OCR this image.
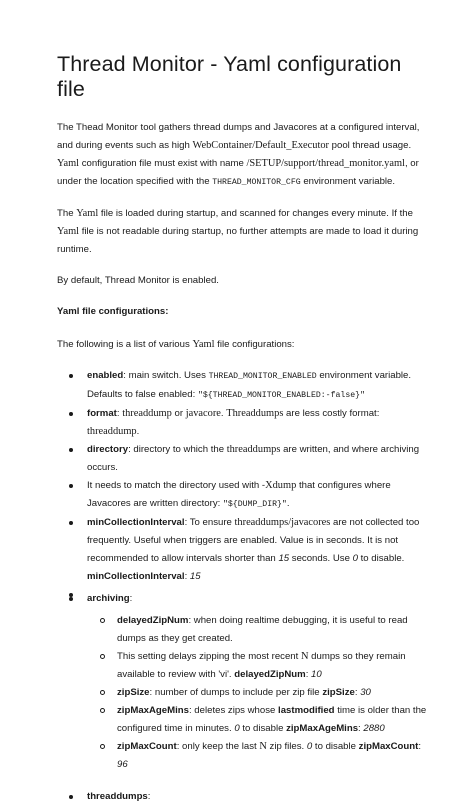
Thread Monitor - Yaml configuration file

The Thead Monitor tool gathers thread dumps and Javacores at a configured interval, and during events such as high WebContainer/Default_Executor pool thread usage. Yaml configuration file must exist with name /SETUP/support/thread_monitor.yaml, or under the location specified with the THREAD_MONITOR_CFG environment variable.

The Yaml file is loaded during startup, and scanned for changes every minute. If the Yaml file is not readable during startup, no further attempts are made to load it during runtime.

By default, Thread Monitor is enabled.

Yaml file configurations:

The following is a list of various Yaml file configurations:

enabled: main switch. Uses THREAD_MONITOR_ENABLED environment variable. Defaults to false enabled: "${THREAD_MONITOR_ENABLED:-false}"
format: threaddump or javacore. Threaddumps are less costly format: threaddump.
directory: directory to which the threaddumps are written, and where archiving occurs.
It needs to match the directory used with -Xdump that configures where Javacores are written directory: "${DUMP_DIR}".
minCollectionInterval: To ensure threaddumps/javacores are not collected too frequently. Useful when triggers are enabled. Value is in seconds. It is not recommended to allow intervals shorter than 15 seconds. Use 0 to disable. minCollectionInterval: 15
archiving:
delayedZipNum: when doing realtime debugging, it is useful to read dumps as they get created.
This setting delays zipping the most recent N dumps so they remain available to review with 'vi'. delayedZipNum: 10
zipSize: number of dumps to include per zip file zipSize: 30
zipMaxAgeMins: deletes zips whose lastmodified time is older than the configured time in minutes. 0 to disable zipMaxAgeMins: 2880
zipMaxCount: only keep the last N zip files. 0 to disable zipMaxCount: 96
threaddumps:
